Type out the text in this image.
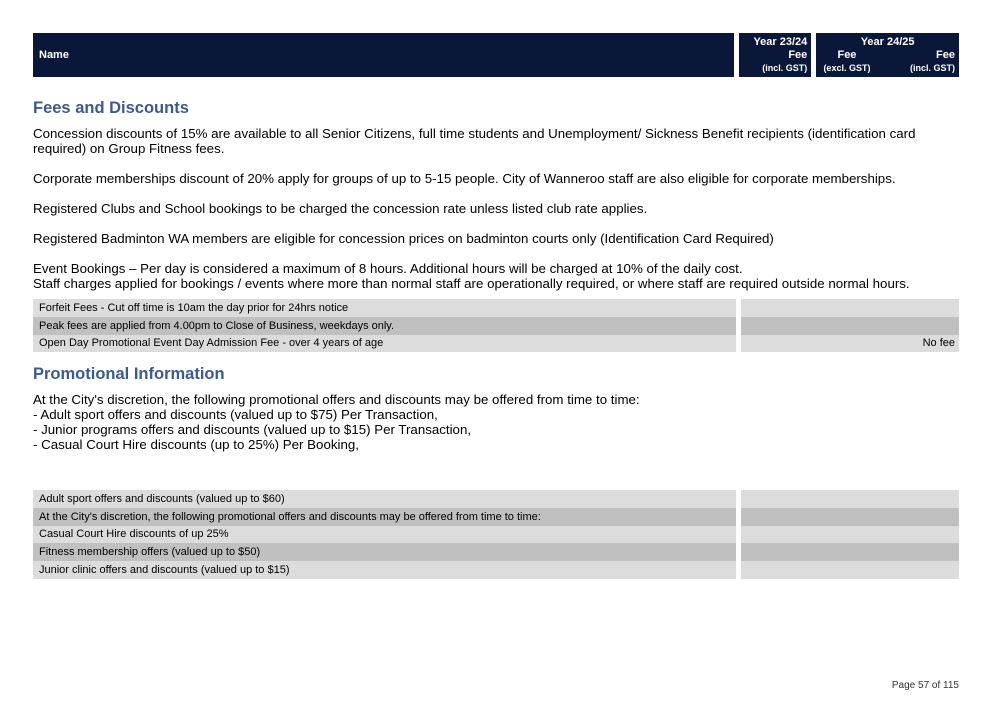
Name
Year 23/24
Fee
(incl. GST)
Year 24/25
Fee
(excl. GST)
Fee
(incl. GST)
Fees and Discounts
Concession discounts of 15% are available to all Senior Citizens, full time students and Unemployment/ Sickness Benefit recipients (identification card required) on Group Fitness fees.
Corporate memberships discount of 20% apply for groups of up to 5-15 people. City of Wanneroo staff are also eligible for corporate memberships.
Registered Clubs and School bookings to be charged the concession rate unless listed club rate applies.
Registered Badminton WA members are eligible for concession prices on badminton courts only (Identification Card Required)
Event Bookings – Per day is considered a maximum of 8 hours. Additional hours will be charged at 10% of the daily cost.
Staff charges applied for bookings / events where more than normal staff are operationally required, or where staff are required outside normal hours.
Forfeit Fees - Cut off time is 10am the day prior for 24hrs notice
Peak fees are applied from 4.00pm to Close of Business, weekdays only.
Open Day Promotional Event Day Admission Fee - over 4 years of age	No fee
Promotional Information
At the City's discretion, the following promotional offers and discounts may be offered from time to time:
- Adult sport offers and discounts (valued up to $75) Per Transaction,
- Junior programs offers and discounts (valued up to $15) Per Transaction,
- Casual Court Hire discounts (up to 25%) Per Booking,
Adult sport offers and discounts (valued up to $60)
At the City's discretion, the following promotional offers and discounts may be offered from time to time:
Casual Court Hire discounts of up 25%
Fitness membership offers (valued up to $50)
Junior clinic offers and discounts (valued up to $15)
Page 57 of 115
